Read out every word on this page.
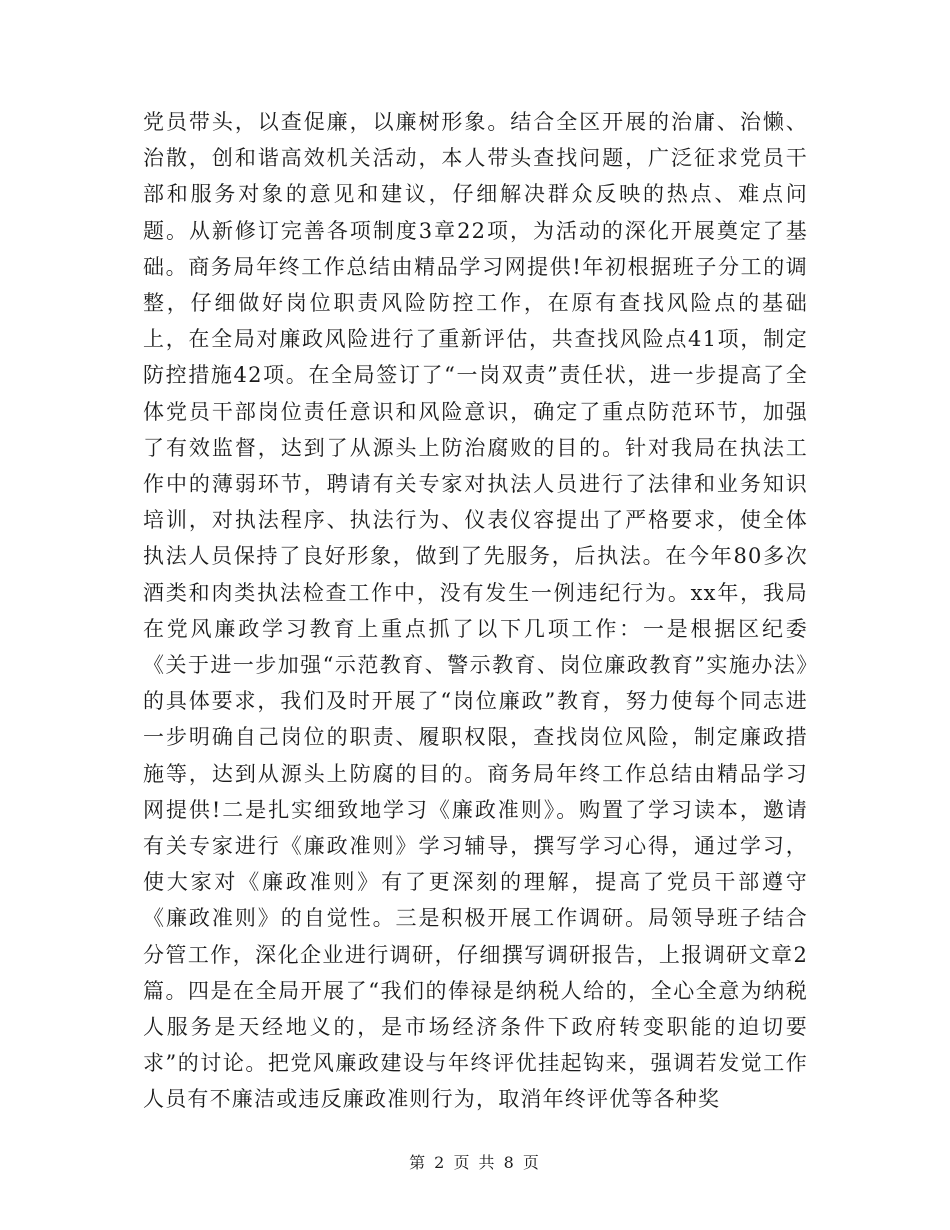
党员带头，以查促廉，以廉树形象。结合全区开展的治庸、治懒、治散，创和谐高效机关活动，本人带头查找问题，广泛征求党员干部和服务对象的意见和建议，仔细解决群众反映的热点、难点问题。从新修订完善各项制度3章22项，为活动的深化开展奠定了基础。商务局年终工作总结由精品学习网提供!年初根据班子分工的调整，仔细做好岗位职责风险防控工作，在原有查找风险点的基础上，在全局对廉政风险进行了重新评估，共查找风险点41项，制定防控措施42项。在全局签订了“一岗双责”责任状，进一步提高了全体党员干部岗位责任意识和风险意识，确定了重点防范环节，加强了有效监督，达到了从源头上防治腐败的目的。针对我局在执法工作中的薄弱环节，聘请有关专家对执法人员进行了法律和业务知识培训，对执法程序、执法行为、仪表仪容提出了严格要求，使全体执法人员保持了良好形象，做到了先服务，后执法。在今年80多次酒类和肉类执法检查工作中，没有发生一例违纪行为。xx年，我局在党风廉政学习教育上重点抓了以下几项工作：一是根据区纪委《关于进一步加强“示范教育、警示教育、岗位廉政教育”实施办法》的具体要求，我们及时开展了“岗位廉政”教育，努力使每个同志进一步明确自己岗位的职责、履职权限，查找岗位风险，制定廉政措施等，达到从源头上防腐的目的。商务局年终工作总结由精品学习网提供!二是扎实细致地学习《廉政准则》。购置了学习读本，邀请有关专家进行《廉政准则》学习辅导，撰写学习心得，通过学习，使大家对《廉政准则》有了更深刻的理解，提高了党员干部遵守《廉政准则》的自觉性。三是积极开展工作调研。局领导班子结合分管工作，深化企业进行调研，仔细撰写调研报告，上报调研文章2篇。四是在全局开展了“我们的俸禄是纳税人给的，全心全意为纳税人服务是天经地义的，是市场经济条件下政府转变职能的迫切要求”的讨论。把党风廉政建设与年终评优挂起钩来，强调若发觉工作人员有不廉洁或违反廉政准则行为，取消年终评优等各种奖

第 2 页 共 8 页
